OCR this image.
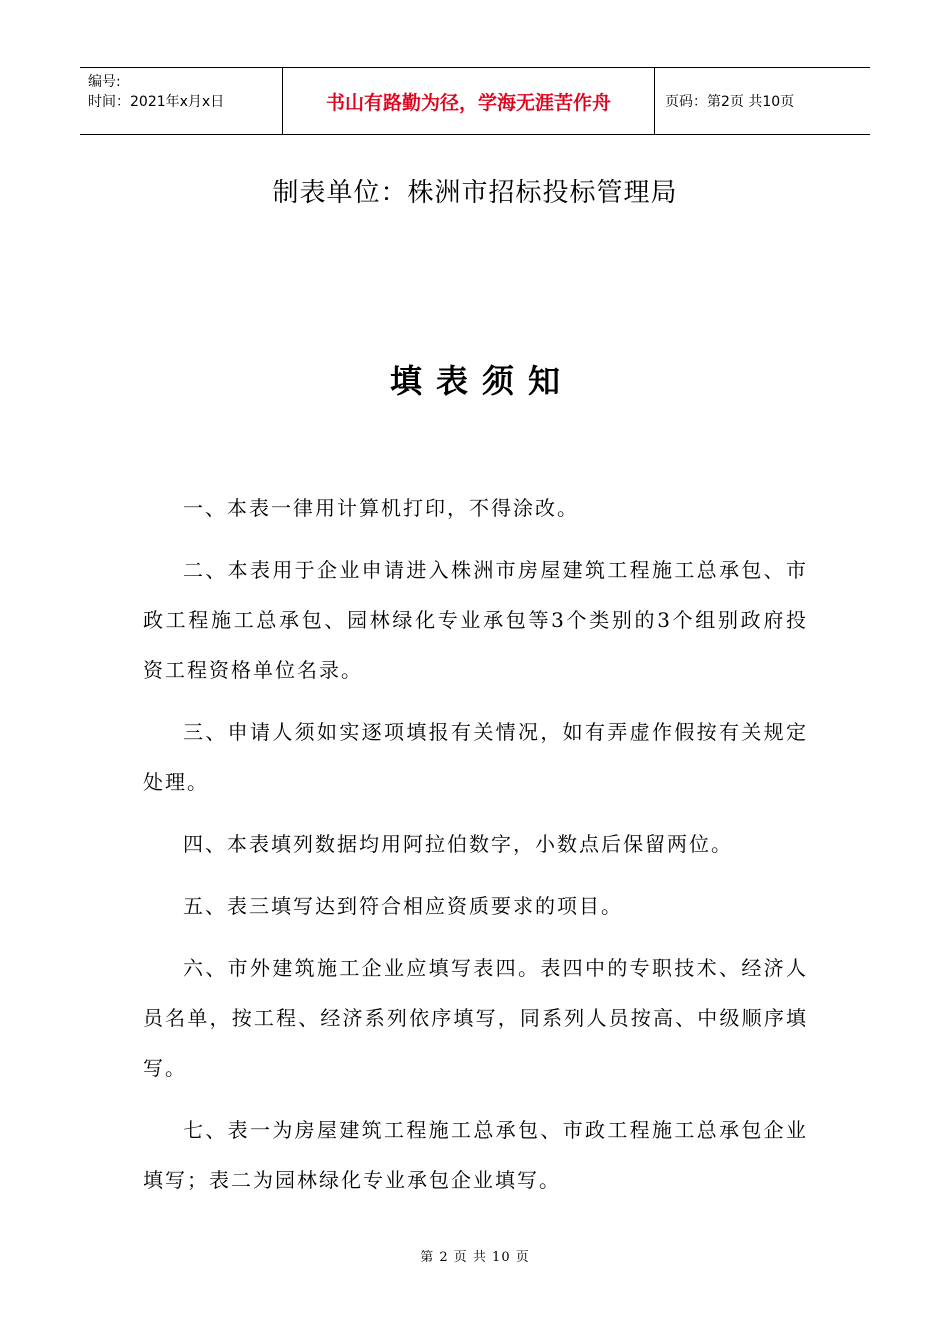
编号:
时间：2021年x月x日	书山有路勤为径，学海无涯苦作舟	页码：第2页 共10页
制表单位：株洲市招标投标管理局
填表须知

一、本表一律用计算机打印，不得涂改。

二、本表用于企业申请进入株洲市房屋建筑工程施工总承包、市政工程施工总承包、园林绿化专业承包等3个类别的3个组别政府投资工程资格单位名录。

三、申请人须如实逐项填报有关情况，如有弄虚作假按有关规定处理。

四、本表填列数据均用阿拉伯数字，小数点后保留两位。

五、表三填写达到符合相应资质要求的项目。

六、市外建筑施工企业应填写表四。表四中的专职技术、经济人员名单，按工程、经济系列依序填写，同系列人员按高、中级顺序填写。

七、表一为房屋建筑工程施工总承包、市政工程施工总承包企业填写；表二为园林绿化专业承包企业填写。

第 2 页 共 10 页
